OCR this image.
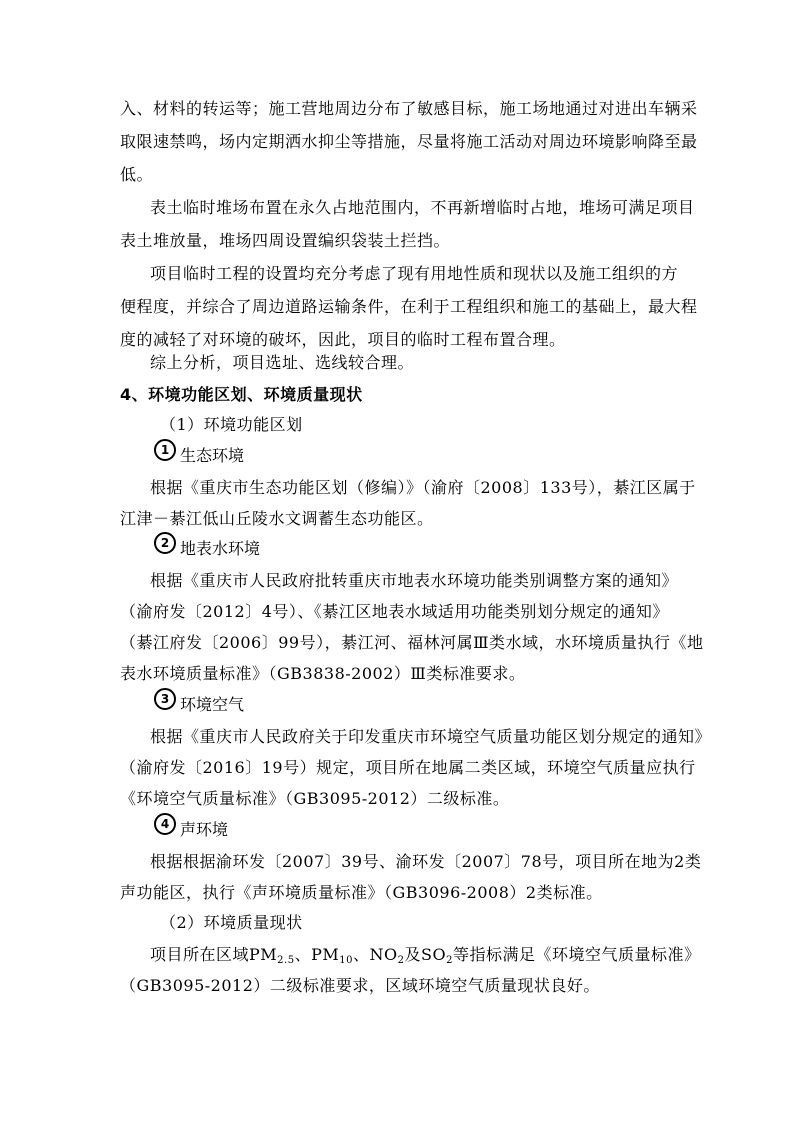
入、材料的转运等；施工营地周边分布了敏感目标，施工场地通过对进出车辆采
取限速禁鸣，场内定期洒水抑尘等措施，尽量将施工活动对周边环境影响降至最
低。
表土临时堆场布置在永久占地范围内，不再新增临时占地，堆场可满足项目
表土堆放量，堆场四周设置编织袋装土拦挡。
项目临时工程的设置均充分考虑了现有用地性质和现状以及施工组织的方
便程度，并综合了周边道路运输条件，在利于工程组织和施工的基础上，最大程
度的减轻了对环境的破坏，因此，项目的临时工程布置合理。
综上分析，项目选址、选线较合理。
4、环境功能区划、环境质量现状
（1）环境功能区划
1 生态环境
根据《重庆市生态功能区划（修编）》（渝府〔2008〕133号），綦江区属于
江津－綦江低山丘陵水文调蓄生态功能区。
2 地表水环境
根据《重庆市人民政府批转重庆市地表水环境功能类别调整方案的通知》
（渝府发〔2012〕4号）、《綦江区地表水域适用功能类别划分规定的通知》
（綦江府发〔2006〕99号），綦江河、福林河属Ⅲ类水域，水环境质量执行《地
表水环境质量标准》（GB3838-2002）Ⅲ类标准要求。
3 环境空气
根据《重庆市人民政府关于印发重庆市环境空气质量功能区划分规定的通知》
（渝府发〔2016〕19号）规定，项目所在地属二类区域，环境空气质量应执行
《环境空气质量标准》（GB3095-2012）二级标准。
4 声环境
根据根据渝环发〔2007〕39号、渝环发〔2007〕78号，项目所在地为2类
声功能区，执行《声环境质量标准》（GB3096-2008）2类标准。
（2）环境质量现状
项目所在区域$PM_{2.5}$、$PM_{10}$、$NO_2$及$SO_2$等指标满足《环境空气质量标准》
（GB3095-2012）二级标准要求，区域环境空气质量现状良好。
